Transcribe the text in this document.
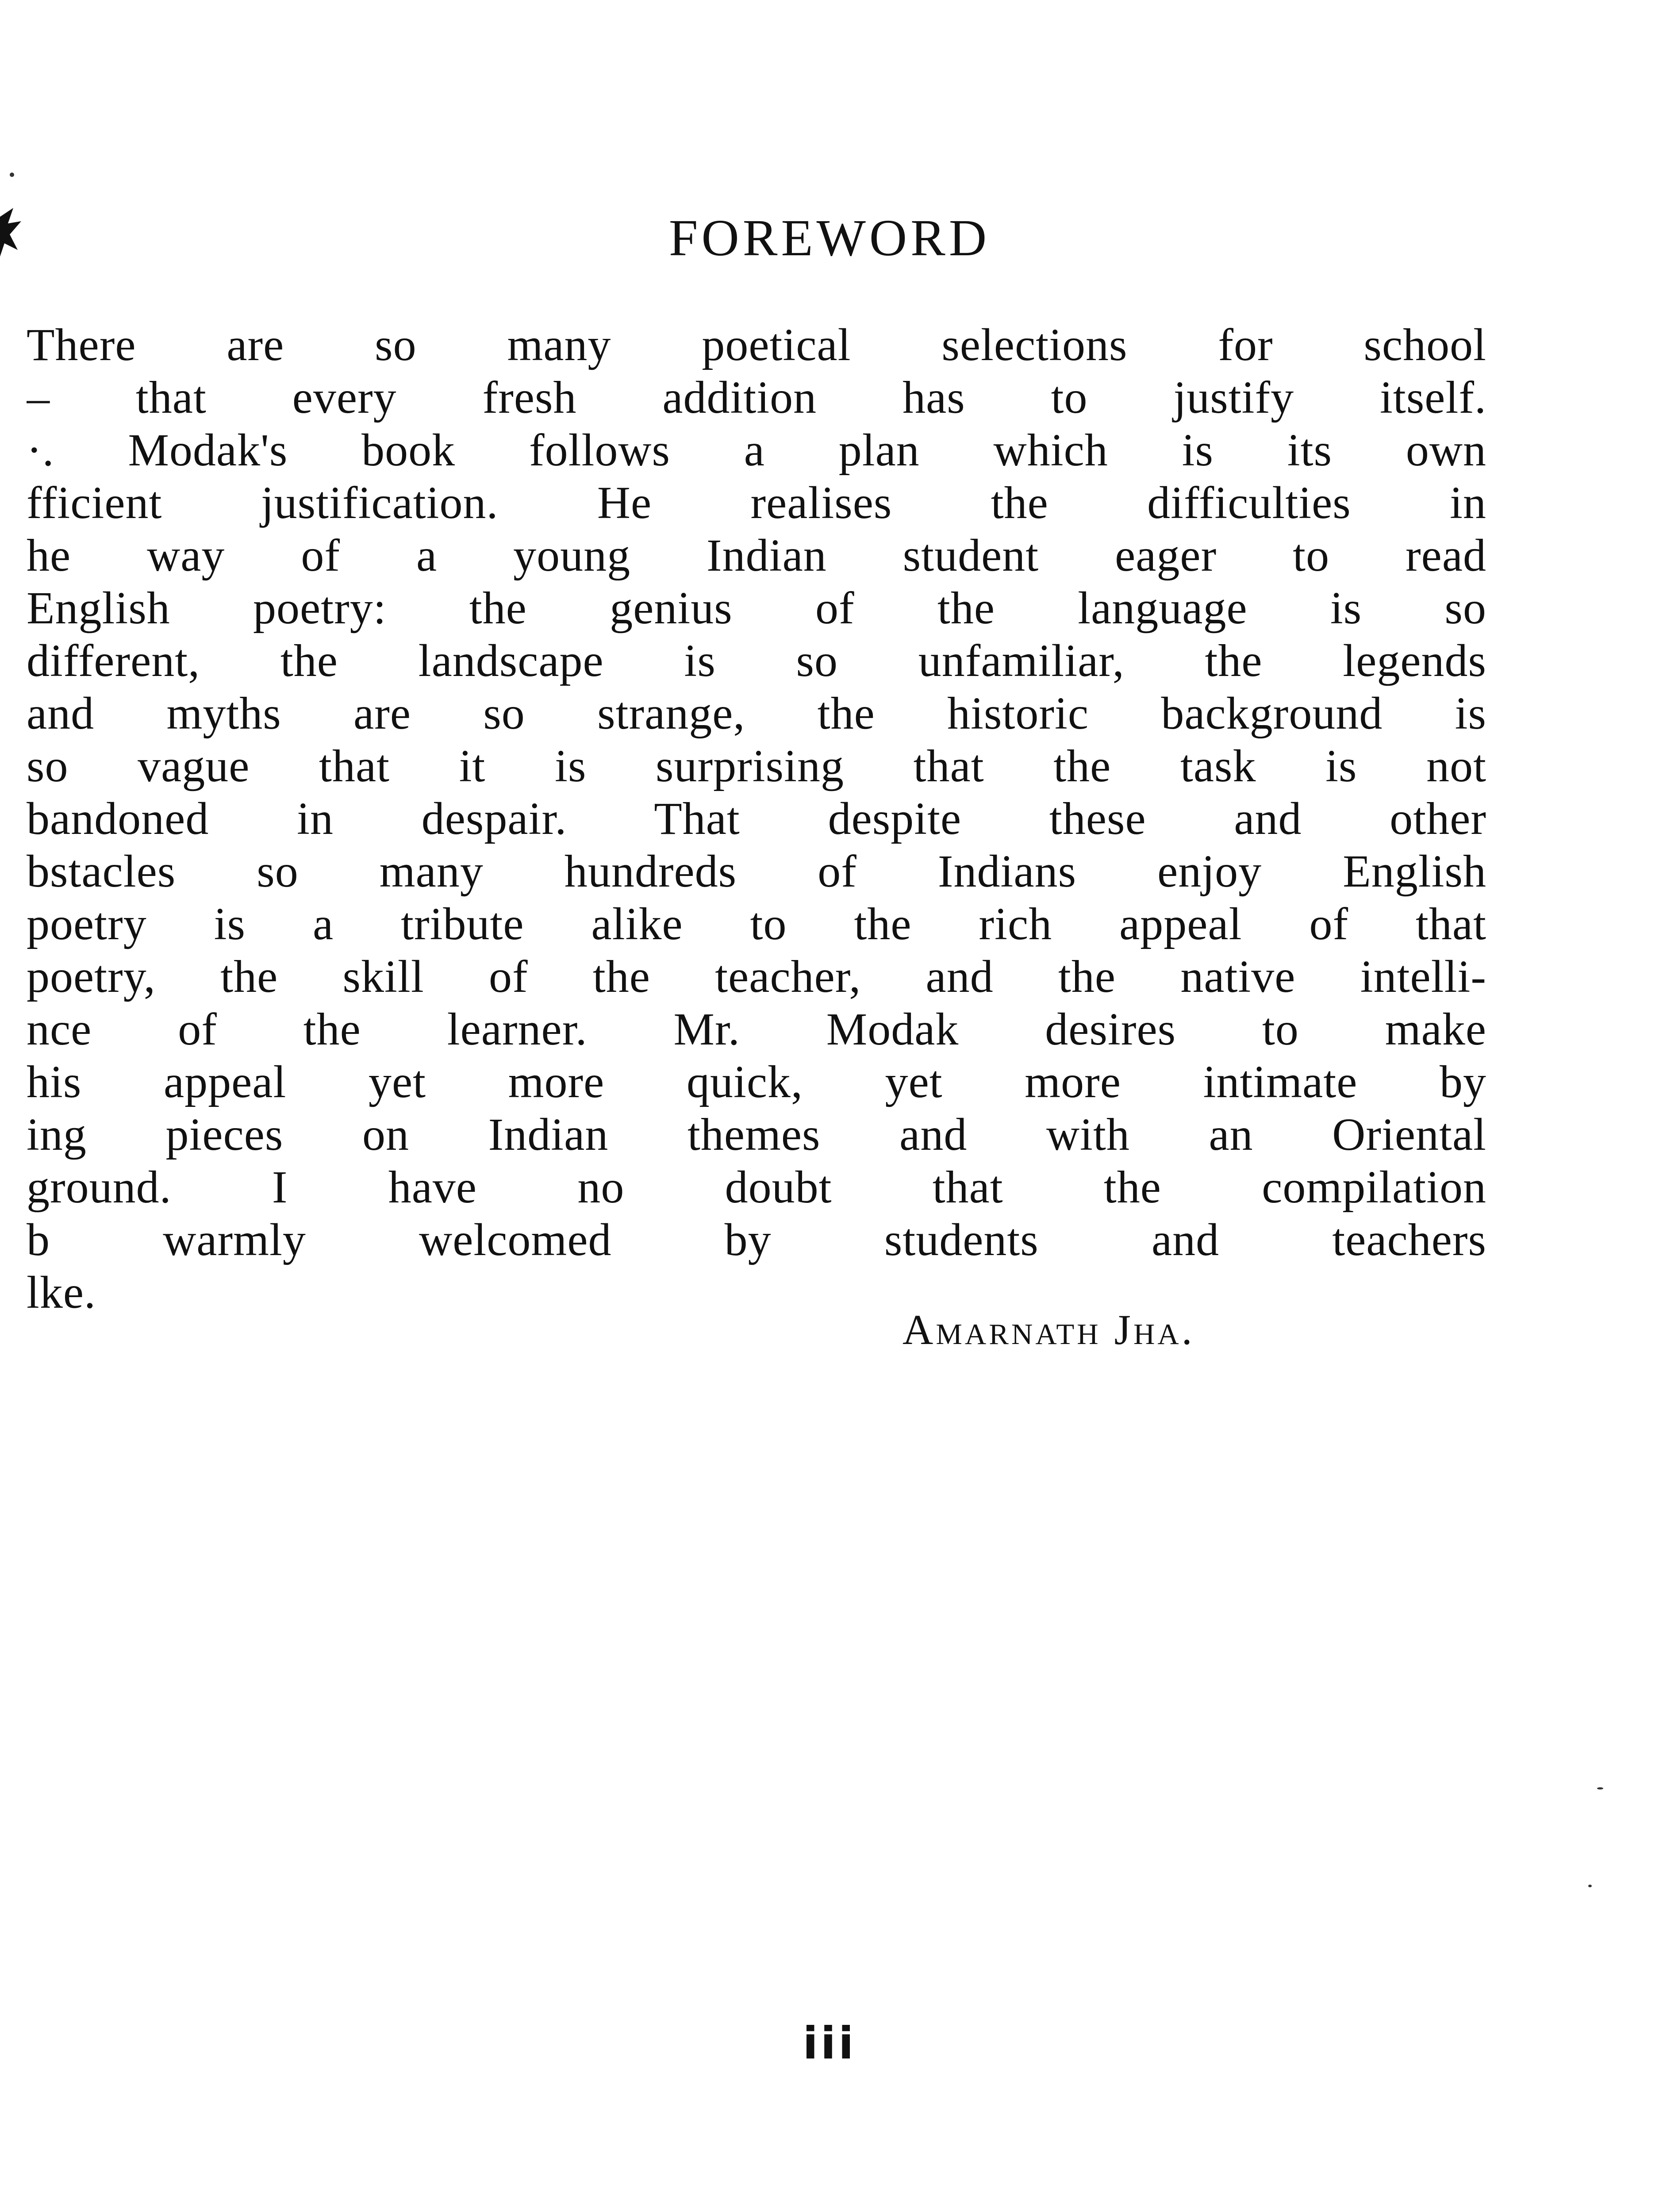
FOREWORD
There are so many poetical selections for school
– that every fresh addition has to justify itself.
·. Modak's book follows a plan which is its own
fficient justification. He realises the difficulties in
he way of a young Indian student eager to read
English poetry: the genius of the language is so
different, the landscape is so unfamiliar, the legends
and myths are so strange, the historic background is
so vague that it is surprising that the task is not
bandoned in despair. That despite these and other
bstacles so many hundreds of Indians enjoy English
poetry is a tribute alike to the rich appeal of that
poetry, the skill of the teacher, and the native intelli-
nce of the learner. Mr. Modak desires to make
his appeal yet more quick, yet more intimate by
ing pieces on Indian themes and with an Oriental
ground. I have no doubt that the compilation
b warmly welcomed by students and teachers
lke.

Amarnath Jha.

iii
